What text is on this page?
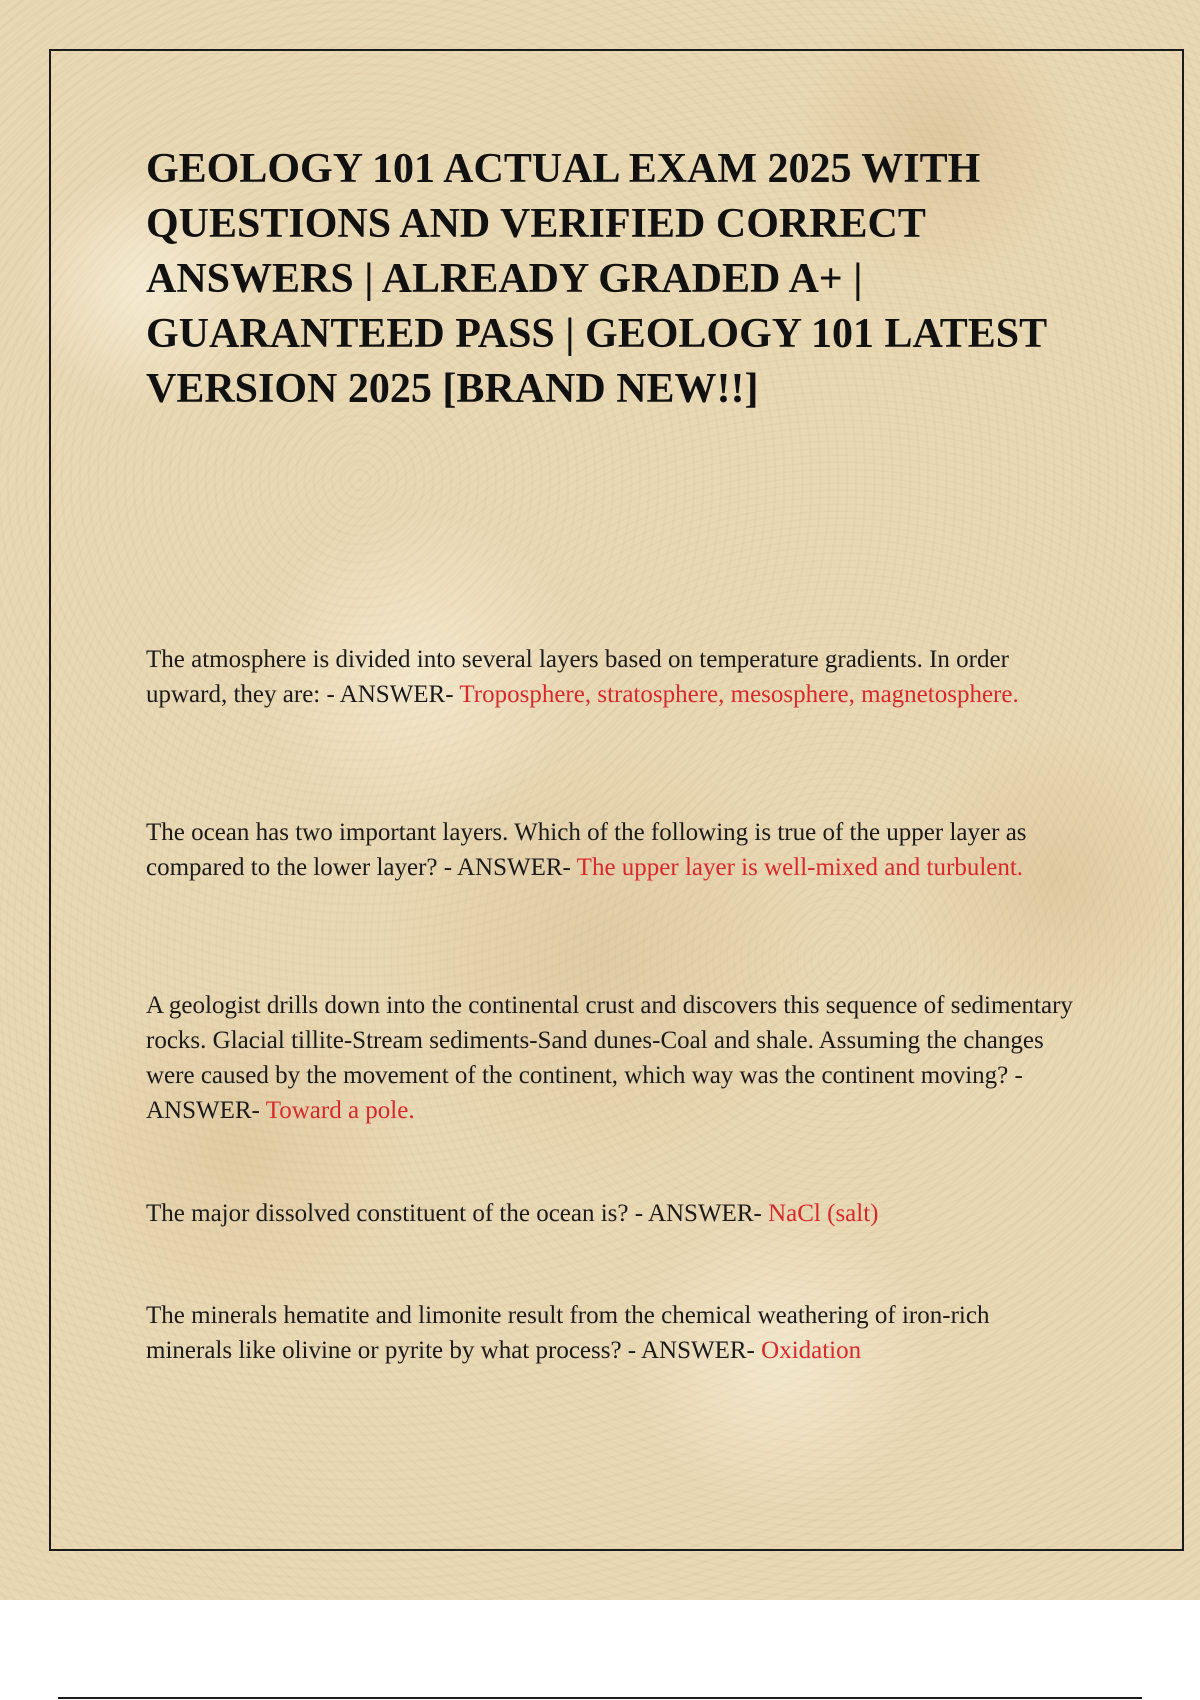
GEOLOGY 101 ACTUAL EXAM 2025 WITH QUESTIONS AND VERIFIED CORRECT ANSWERS | ALREADY GRADED A+ | GUARANTEED PASS | GEOLOGY 101 LATEST VERSION 2025 [BRAND NEW!!]

The atmosphere is divided into several layers based on temperature gradients. In order upward, they are: - ANSWER- Troposphere, stratosphere, mesosphere, magnetosphere.

The ocean has two important layers. Which of the following is true of the upper layer as compared to the lower layer? - ANSWER- The upper layer is well-mixed and turbulent.

A geologist drills down into the continental crust and discovers this sequence of sedimentary rocks. Glacial tillite-Stream sediments-Sand dunes-Coal and shale. Assuming the changes were caused by the movement of the continent, which way was the continent moving? - ANSWER- Toward a pole.

The major dissolved constituent of the ocean is? - ANSWER- NaCl (salt)

The minerals hematite and limonite result from the chemical weathering of iron-rich minerals like olivine or pyrite by what process? - ANSWER- Oxidation
